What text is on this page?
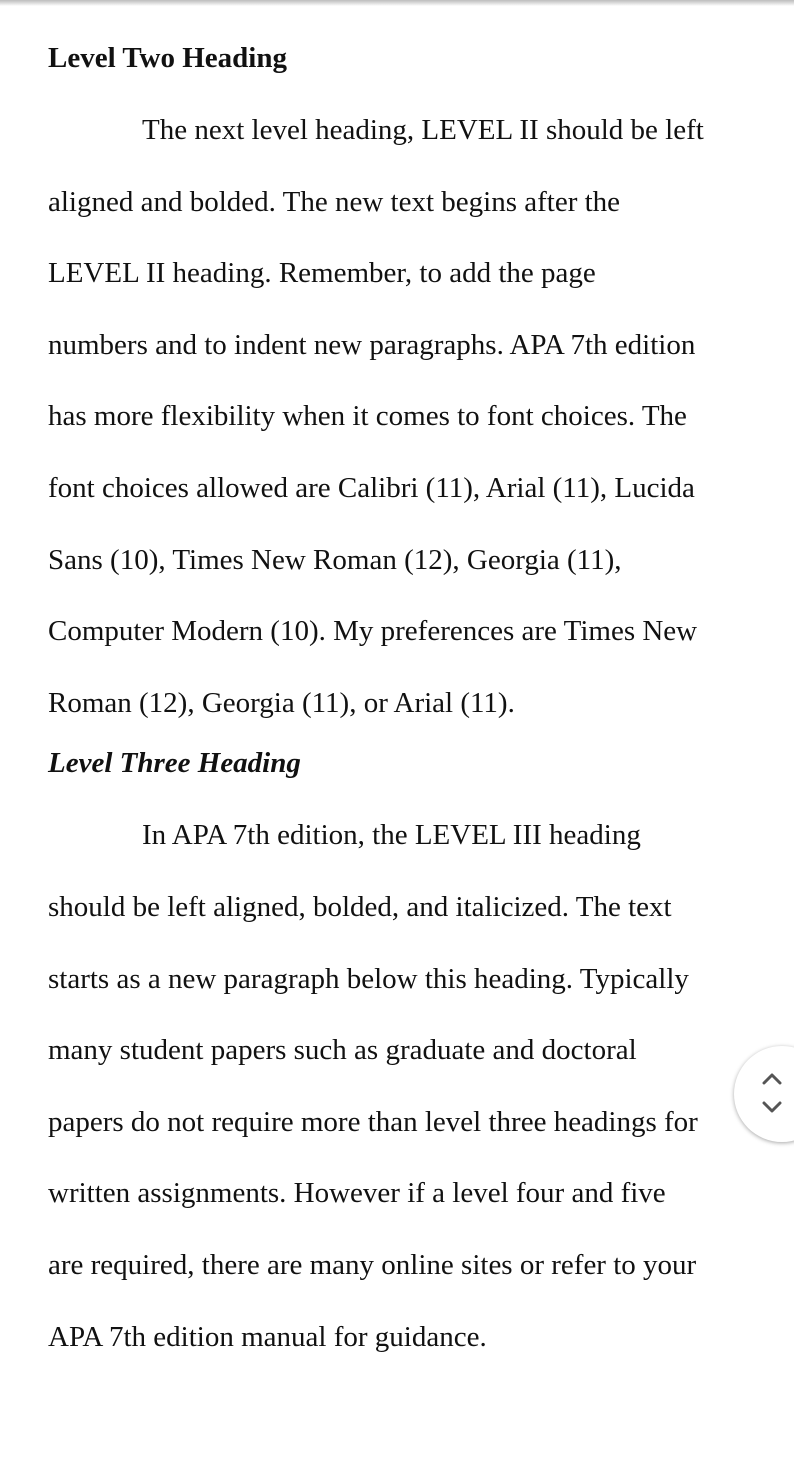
Level Two Heading

The next level heading, LEVEL II should be left
aligned and bolded. The new text begins after the
LEVEL II heading. Remember, to add the page
numbers and to indent new paragraphs. APA 7th edition
has more flexibility when it comes to font choices. The
font choices allowed are Calibri (11), Arial (11), Lucida
Sans (10), Times New Roman (12), Georgia (11),
Computer Modern (10). My preferences are Times New
Roman (12), Georgia (11), or Arial (11).

Level Three Heading

In APA 7th edition, the LEVEL III heading
should be left aligned, bolded, and italicized. The text
starts as a new paragraph below this heading. Typically
many student papers such as graduate and doctoral
papers do not require more than level three headings for
written assignments. However if a level four and five
are required, there are many online sites or refer to your
APA 7th edition manual for guidance.
